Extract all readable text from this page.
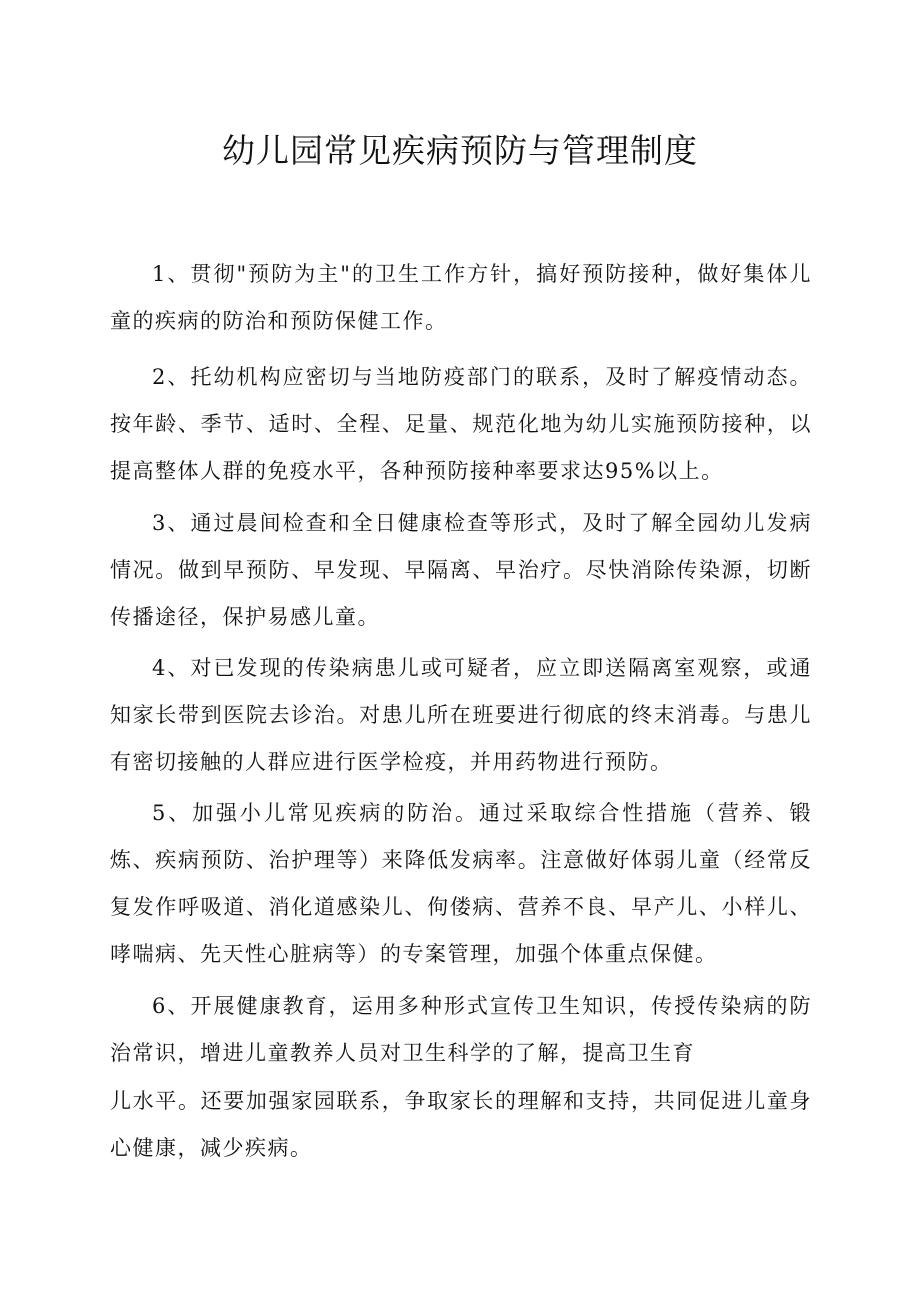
幼儿园常见疾病预防与管理制度

1、贯彻"预防为主"的卫生工作方针，搞好预防接种，做好集体儿童的疾病的防治和预防保健工作。

2、托幼机构应密切与当地防疫部门的联系，及时了解疫情动态。按年龄、季节、适时、全程、足量、规范化地为幼儿实施预防接种，以提高整体人群的免疫水平，各种预防接种率要求达95%以上。

3、通过晨间检查和全日健康检查等形式，及时了解全园幼儿发病情况。做到早预防、早发现、早隔离、早治疗。尽快消除传染源，切断传播途径，保护易感儿童。

4、对已发现的传染病患儿或可疑者，应立即送隔离室观察，或通知家长带到医院去诊治。对患儿所在班要进行彻底的终末消毒。与患儿有密切接触的人群应进行医学检疫，并用药物进行预防。

5、加强小儿常见疾病的防治。通过采取综合性措施（营养、锻炼、疾病预防、治护理等）来降低发病率。注意做好体弱儿童（经常反复发作呼吸道、消化道感染儿、佝偻病、营养不良、早产儿、小样儿、哮喘病、先天性心脏病等）的专案管理，加强个体重点保健。

6、开展健康教育，运用多种形式宣传卫生知识，传授传染病的防治常识，增进儿童教养人员对卫生科学的了解，提高卫生育

儿水平。还要加强家园联系，争取家长的理解和支持，共同促进儿童身心健康，减少疾病。
